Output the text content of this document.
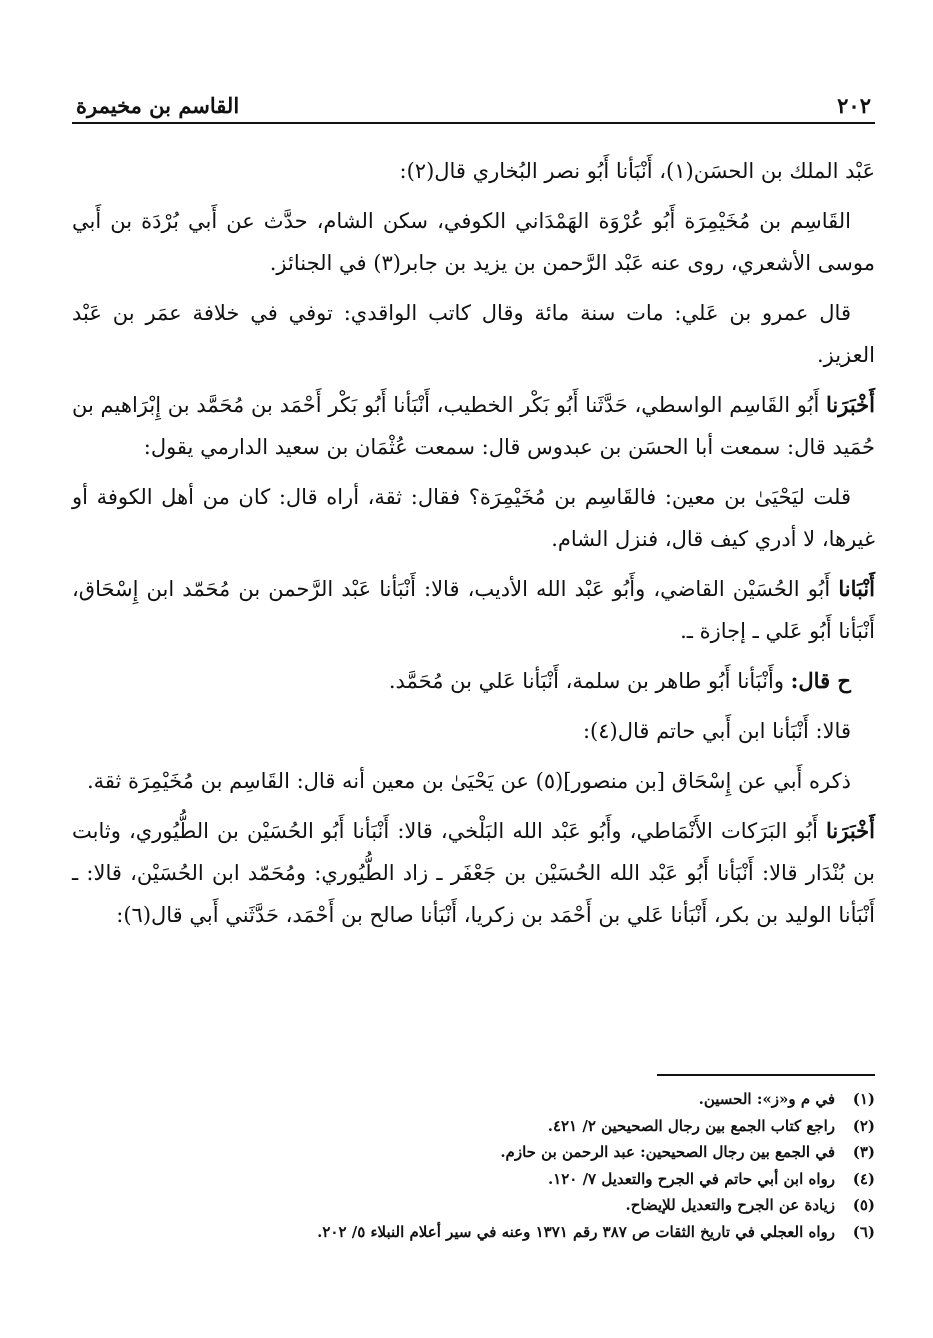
٢٠٢
القاسم بن مخيمرة

عَبْد الملك بن الحسَن(١)، أَنْبَأنا أَبُو نصر البُخاري قال(٢):

القَاسِم بن مُخَيْمِرَة أَبُو عُرْوَة الهَمْدَاني الكوفي، سكن الشام، حدَّث عن أَبي بُرْدَة بن أَبي موسى الأشعري، روى عنه عَبْد الرَّحمن بن يزيد بن جابر(٣) في الجنائز.

قال عمرو بن عَلي: مات سنة مائة وقال كاتب الواقدي: توفي في خلافة عمَر بن عَبْد العزيز.

أَخْبَرَنا أَبُو القَاسِم الواسطي، حَدَّثَنا أَبُو بَكْر الخطيب، أَنْبَأنا أَبُو بَكْر أَحْمَد بن مُحَمَّد بن إِبْرَاهيم بن حُمَيد قال: سمعت أبا الحسَن بن عبدوس قال: سمعت عُثْمَان بن سعيد الدارمي يقول:

قلت ليَحْيَىٰ بن معين: فالقَاسِم بن مُخَيْمِرَة؟ فقال: ثقة، أراه قال: كان من أهل الكوفة أو غيرها، لا أدري كيف قال، فنزل الشام.

أَنْبَانا أَبُو الحُسَيْن القاضي، وأَبُو عَبْد الله الأديب، قالا: أَنْبَأنا عَبْد الرَّحمن بن مُحَمّد ابن إِسْحَاق، أَنْبَأنا أَبُو عَلي ـ إجازة ـ.

ح قال: وأَنْبَأنا أَبُو طاهر بن سلمة، أَنْبَأنا عَلي بن مُحَمَّد.

قالا: أَنْبَأنا ابن أَبي حاتم قال(٤):

ذكره أَبي عن إِسْحَاق [بن منصور](٥) عن يَحْيَىٰ بن معين أنه قال: القَاسِم بن مُخَيْمِرَة ثقة.

أَخْبَرَنا أَبُو البَرَكات الأَنْمَاطي، وأَبُو عَبْد الله البَلْخي، قالا: أَنْبَأنا أَبُو الحُسَيْن بن الطُّيُوري، وثابت بن بُنْدَار قالا: أَنْبَأنا أَبُو عَبْد الله الحُسَيْن بن جَعْفَر ـ زاد الطُّيُوري: ومُحَمّد ابن الحُسَيْن، قالا: ـ أَنْبَأنا الوليد بن بكر، أَنْبَأنا عَلي بن أَحْمَد بن زكريا، أَنْبَأنا صالح بن أَحْمَد، حَدَّثَني أَبي قال(٦):

(١)
في م و«ز»: الحسين.
(٢)
راجع كتاب الجمع بين رجال الصحيحين ٢/ ٤٢١.
(٣)
في الجمع بين رجال الصحيحين: عبد الرحمن بن حازم.
(٤)
رواه ابن أبي حاتم في الجرح والتعديل ٧/ ١٢٠.
(٥)
زيادة عن الجرح والتعديل للإيضاح.
(٦)
رواه العجلي في تاريخ الثقات ص ٣٨٧ رقم ١٣٧١ وعنه في سير أعلام النبلاء ٥/ ٢٠٢.
